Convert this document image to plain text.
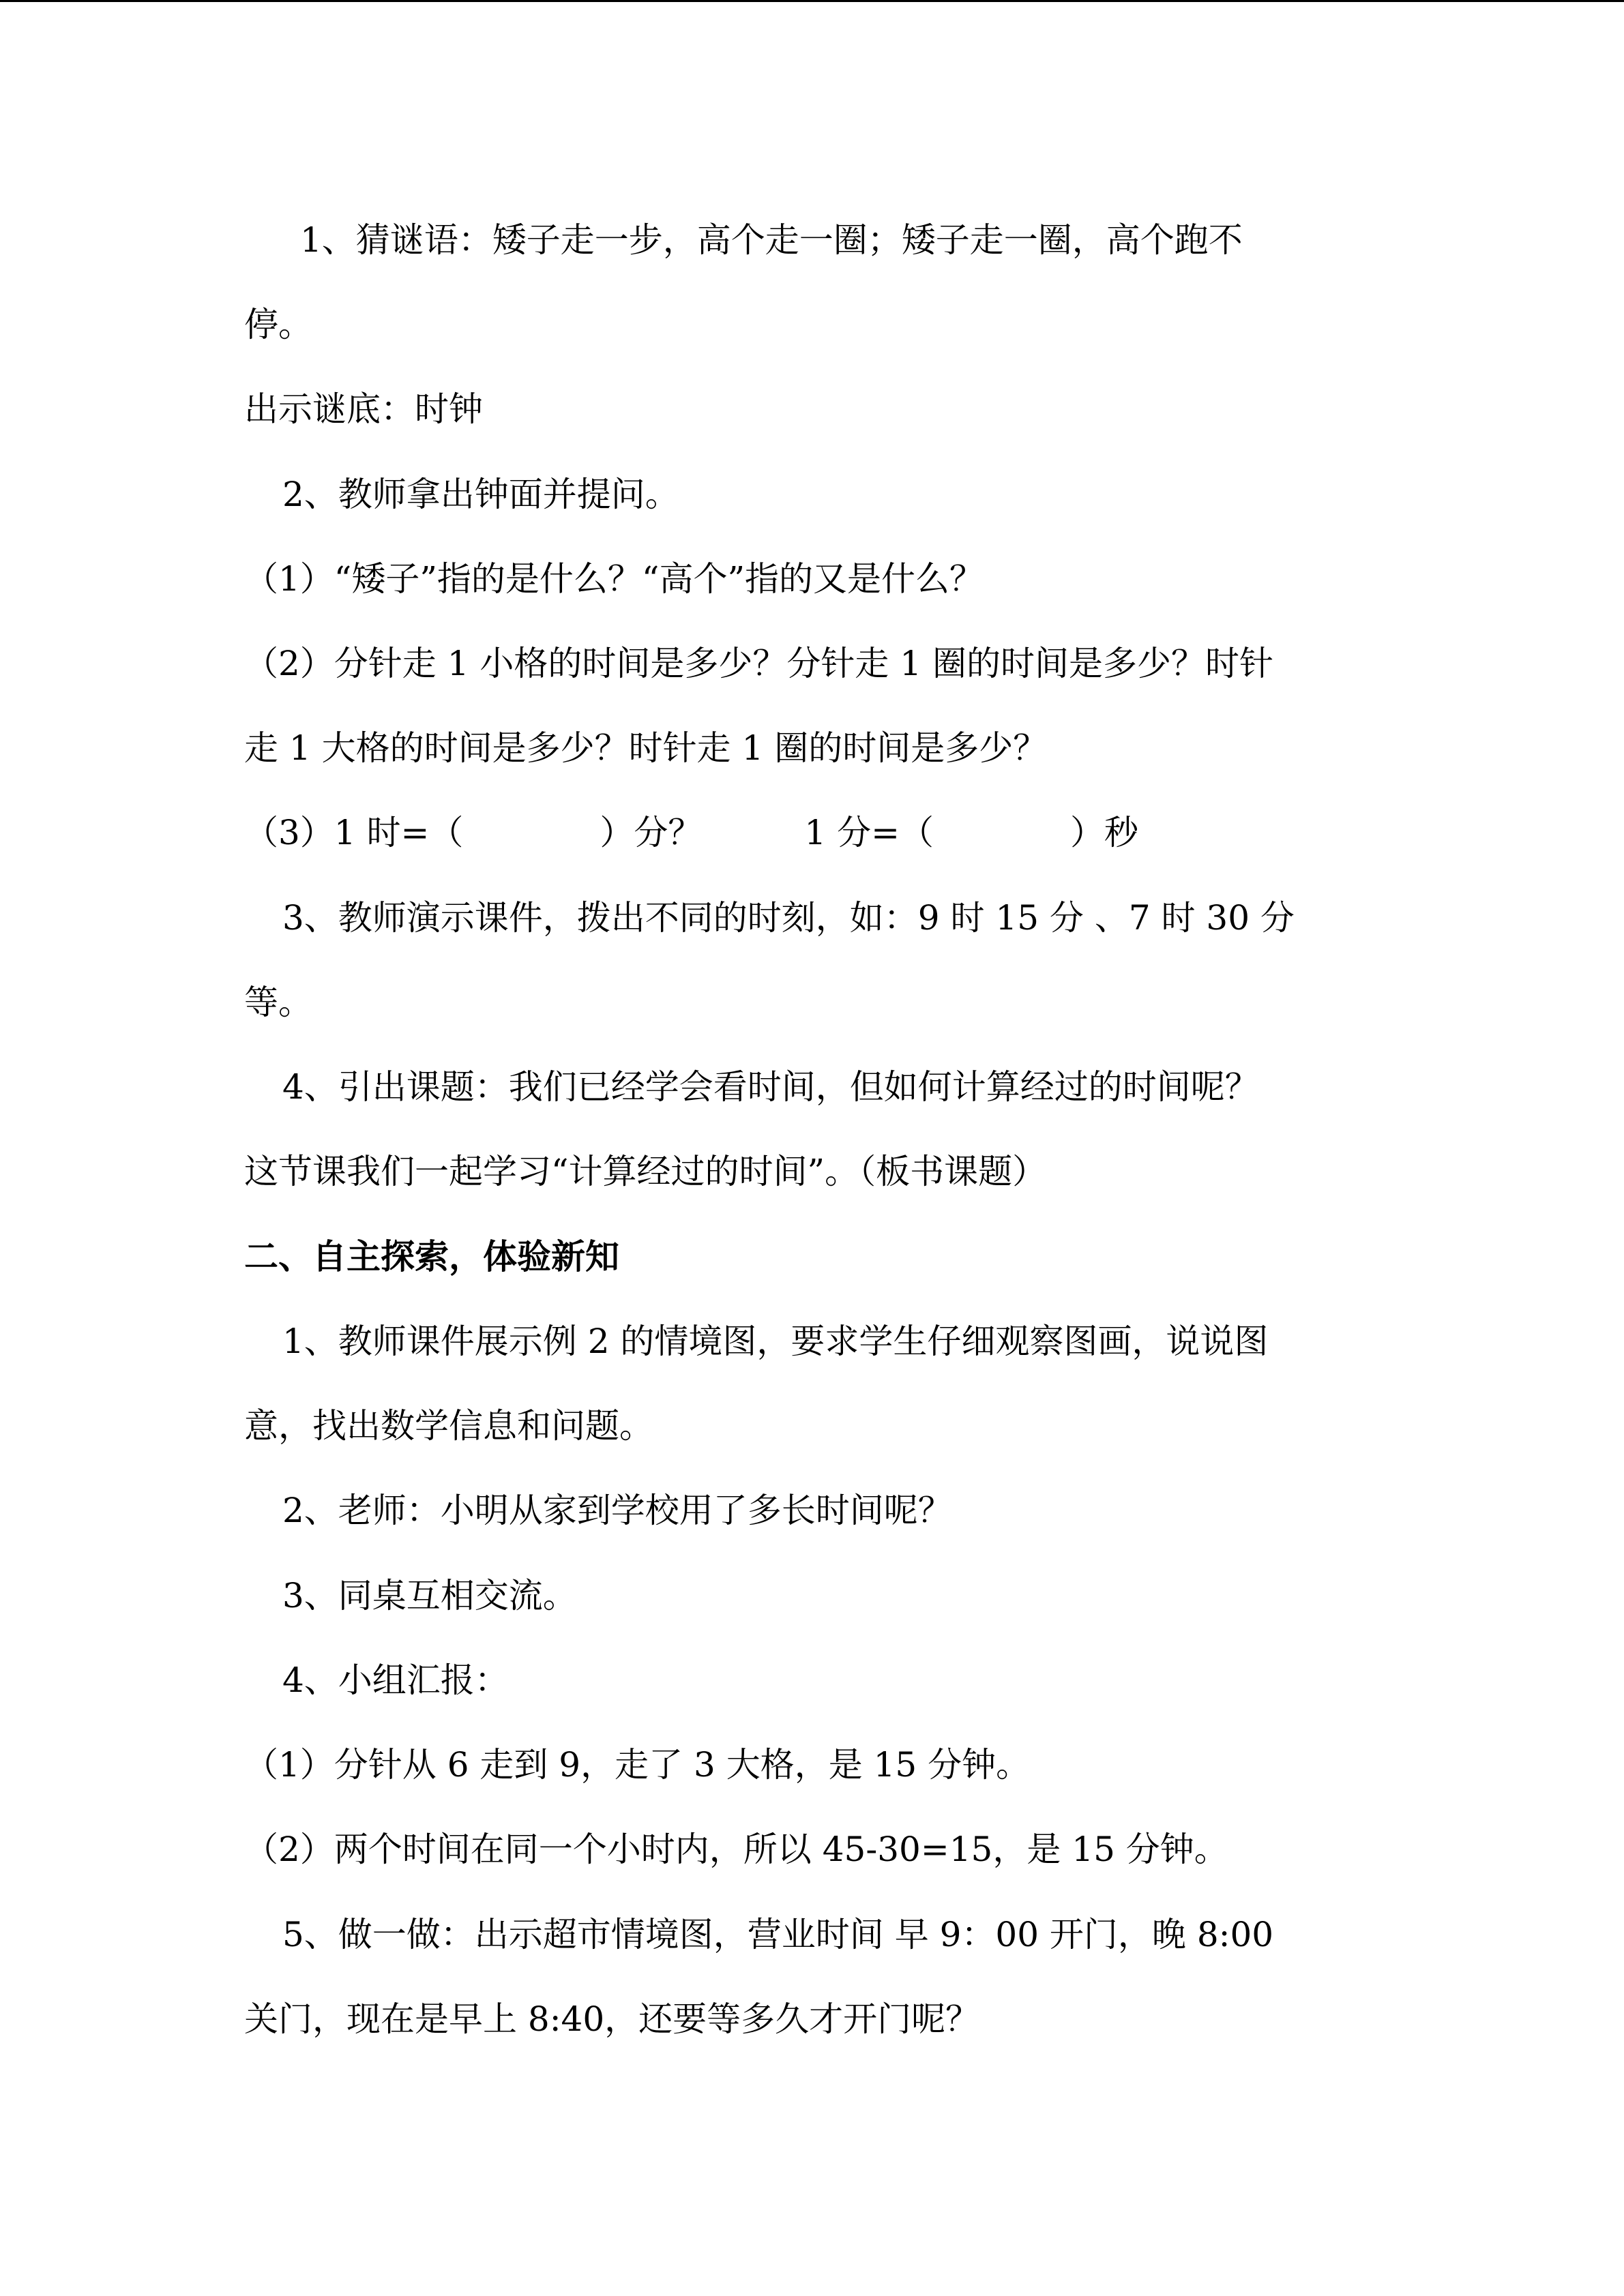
1、猜谜语：矮子走一步，高个走一圈；矮子走一圈，高个跑不
停。
出示谜底：时钟
2、教师拿出钟面并提问。
（1）“矮子”指的是什么？“高个”指的又是什么？
（2）分针走 1 小格的时间是多少？分针走 1 圈的时间是多少？时针
走 1 大格的时间是多少？时针走 1 圈的时间是多少？
（3）1 时=（　　　　）分？　　　1 分=（　　　　）秒
3、教师演示课件，拨出不同的时刻，如：9 时 15 分 、7 时 30 分
等。
4、引出课题：我们已经学会看时间，但如何计算经过的时间呢？
这节课我们一起学习“计算经过的时间”。（板书课题）
二、自主探索，体验新知
1、教师课件展示例 2 的情境图，要求学生仔细观察图画，说说图
意，找出数学信息和问题。
2、老师：小明从家到学校用了多长时间呢？
3、同桌互相交流。
4、小组汇报：
（1）分针从 6 走到 9，走了 3 大格，是 15 分钟。
（2）两个时间在同一个小时内，所以 45-30=15，是 15 分钟。
5、做一做：出示超市情境图，营业时间 早 9：00 开门，晚 8:00
关门，现在是早上 8:40，还要等多久才开门呢？
